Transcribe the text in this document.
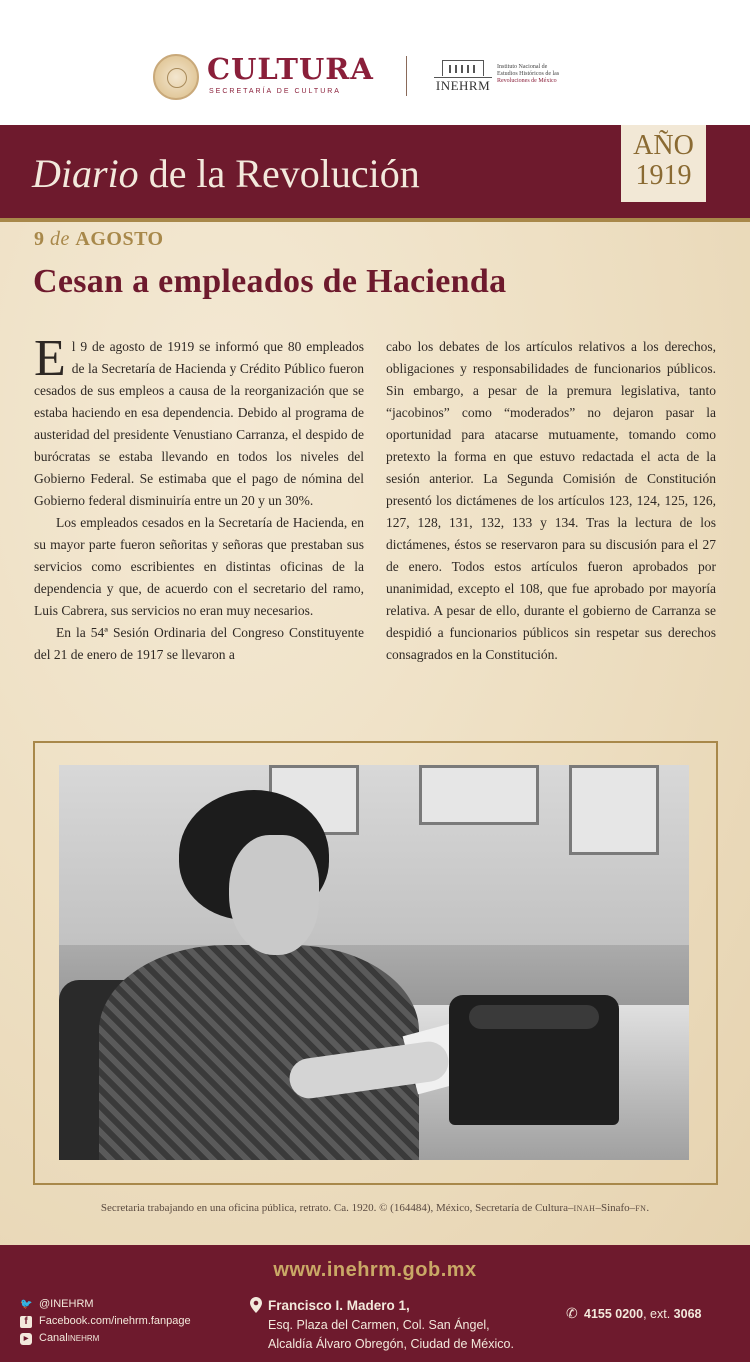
CULTURA
SECRETARÍA DE CULTURA	INEHRM
Instituto Nacional de
Estudios Históricos de las
Revoluciones de México
Diario de la Revolución
AÑO
1919
9 de AGOSTO
Cesan a empleados de Hacienda

El 9 de agosto de 1919 se informó que 80 empleados de la Secretaría de Hacienda y Crédito Público fueron cesados de sus empleos a causa de la reorganización que se estaba haciendo en esa dependencia. Debido al programa de austeridad del presidente Venustiano Carranza, el despido de burócratas se estaba llevando en todos los niveles del Gobierno Federal. Se estimaba que el pago de nómina del Gobierno federal disminuiría entre un 20 y un 30%.

Los empleados cesados en la Secretaría de Hacienda, en su mayor parte fueron señoritas y señoras que prestaban sus servicios como escribientes en distintas oficinas de la dependencia y que, de acuerdo con el secretario del ramo, Luis Cabrera, sus servicios no eran muy necesarios.

En la 54ª Sesión Ordinaria del Congreso Constituyente del 21 de enero de 1917 se llevaron a

cabo los debates de los artículos relativos a los derechos, obligaciones y responsabilidades de funcionarios públicos. Sin embargo, a pesar de la premura legislativa, tanto “jacobinos” como “moderados” no dejaron pasar la oportunidad para atacarse mutuamente, tomando como pretexto la forma en que estuvo redactada el acta de la sesión anterior. La Segunda Comisión de Constitución presentó los dictámenes de los artículos 123, 124, 125, 126, 127, 128, 131, 132, 133 y 134. Tras la lectura de los dictámenes, éstos se reservaron para su discusión para el 27 de enero. Todos estos artículos fueron aprobados por unanimidad, excepto el 108, que fue aprobado por mayoría relativa. A pesar de ello, durante el gobierno de Carranza se despidió a funcionarios públicos sin respetar sus derechos consagrados en la Constitución.

Secretaria trabajando en una oficina pública, retrato. Ca. 1920. © (164484), México, Secretaría de Cultura–INAH–Sinafo–FN.
www.inehrm.gob.mx
🐦 @INEHRM
f	Facebook.com/inehrm.fanpage
▶ Canal INEHRM
Francisco I. Madero 1,
Esq. Plaza del Carmen, Col. San Ángel,
Alcaldía Álvaro Obregón, Ciudad de México.
✆ 4155 0200, ext. 3068
